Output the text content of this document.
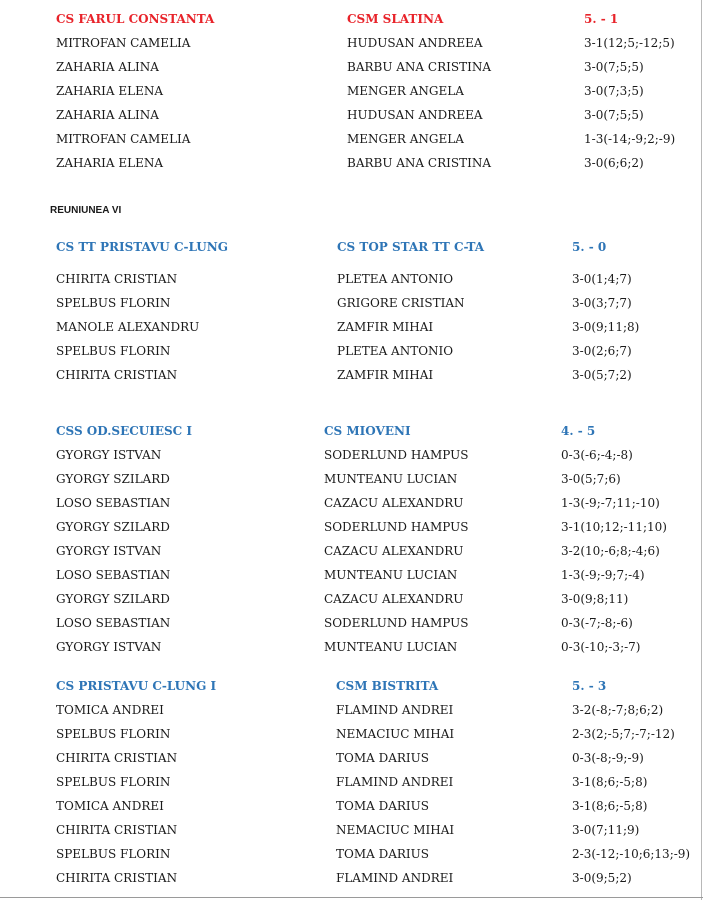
REUNIUNEA VI
CS FARUL CONSTANTA	CSM SLATINA	5. - 1
MITROFAN CAMELIA	HUDUSAN ANDREEA	3-1(12;5;-12;5)
ZAHARIA ALINA	BARBU ANA CRISTINA	3-0(7;5;5)
ZAHARIA ELENA	MENGER ANGELA	3-0(7;3;5)
ZAHARIA ALINA	HUDUSAN ANDREEA	3-0(7;5;5)
MITROFAN CAMELIA	MENGER ANGELA	1-3(-14;-9;2;-9)
ZAHARIA ELENA	BARBU ANA CRISTINA	3-0(6;6;2)
CS TT PRISTAVU C-LUNG	CS TOP STAR TT C-TA	5. - 0
CHIRITA CRISTIAN	PLETEA ANTONIO	3-0(1;4;7)
SPELBUS FLORIN	GRIGORE CRISTIAN	3-0(3;7;7)
MANOLE ALEXANDRU	ZAMFIR MIHAI	3-0(9;11;8)
SPELBUS FLORIN	PLETEA ANTONIO	3-0(2;6;7)
CHIRITA CRISTIAN	ZAMFIR MIHAI	3-0(5;7;2)
CSS OD.SECUIESC I	CS MIOVENI	4. - 5
GYORGY ISTVAN	SODERLUND HAMPUS	0-3(-6;-4;-8)
GYORGY SZILARD	MUNTEANU LUCIAN	3-0(5;7;6)
LOSO SEBASTIAN	CAZACU ALEXANDRU	1-3(-9;-7;11;-10)
GYORGY SZILARD	SODERLUND HAMPUS	3-1(10;12;-11;10)
GYORGY ISTVAN	CAZACU ALEXANDRU	3-2(10;-6;8;-4;6)
LOSO SEBASTIAN	MUNTEANU LUCIAN	1-3(-9;-9;7;-4)
GYORGY SZILARD	CAZACU ALEXANDRU	3-0(9;8;11)
LOSO SEBASTIAN	SODERLUND HAMPUS	0-3(-7;-8;-6)
GYORGY ISTVAN	MUNTEANU LUCIAN	0-3(-10;-3;-7)
CS PRISTAVU C-LUNG I	CSM BISTRITA	5. - 3
TOMICA ANDREI	FLAMIND ANDREI	3-2(-8;-7;8;6;2)
SPELBUS FLORIN	NEMACIUC MIHAI	2-3(2;-5;7;-7;-12)
CHIRITA CRISTIAN	TOMA DARIUS	0-3(-8;-9;-9)
SPELBUS FLORIN	FLAMIND ANDREI	3-1(8;6;-5;8)
TOMICA ANDREI	TOMA DARIUS	3-1(8;6;-5;8)
CHIRITA CRISTIAN	NEMACIUC MIHAI	3-0(7;11;9)
SPELBUS FLORIN	TOMA DARIUS	2-3(-12;-10;6;13;-9)
CHIRITA CRISTIAN	FLAMIND ANDREI	3-0(9;5;2)
